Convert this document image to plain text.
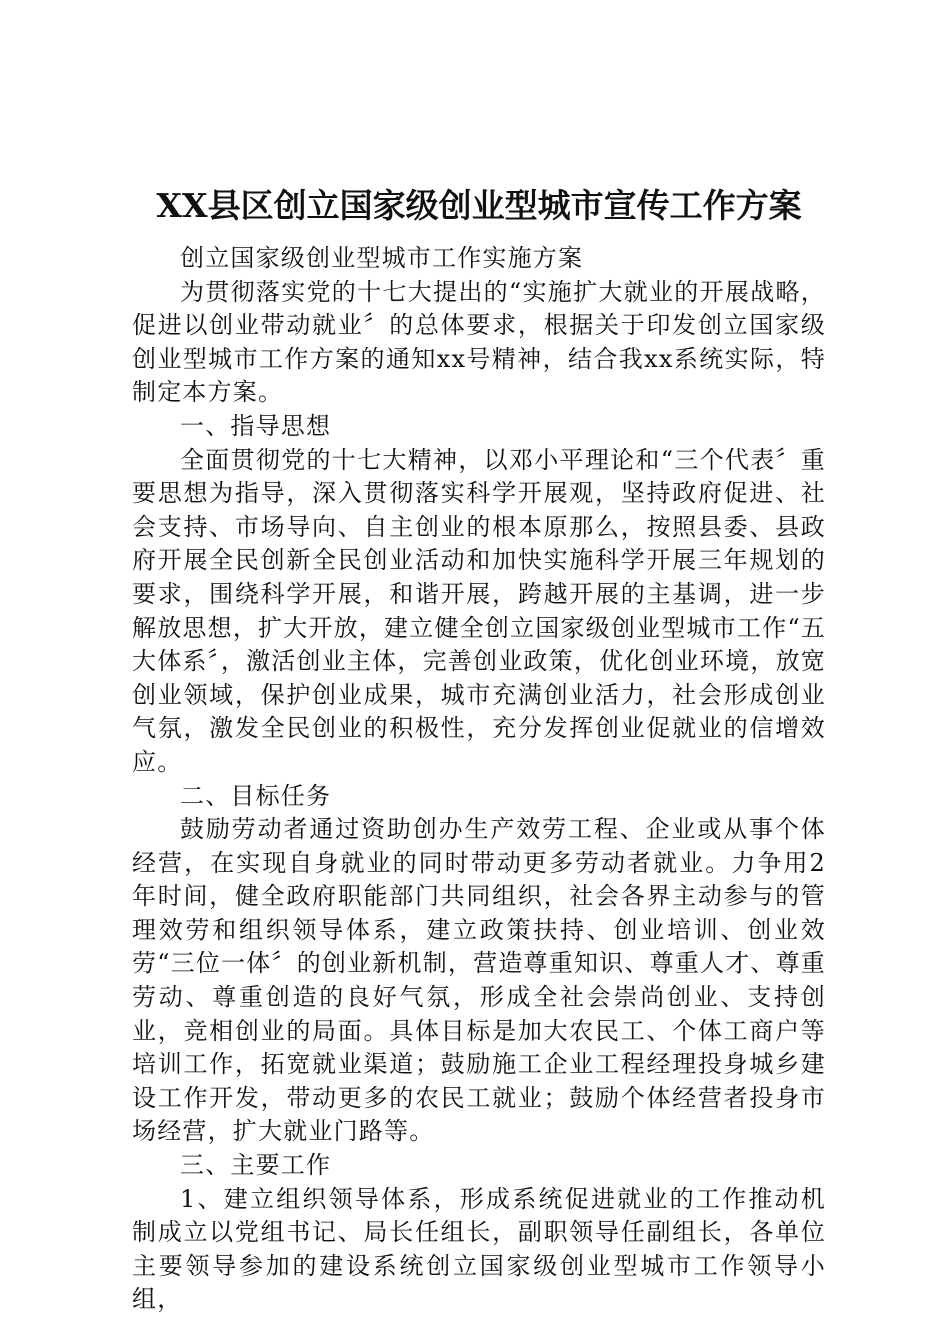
XX县区创立国家级创业型城市宣传工作方案

创立国家级创业型城市工作实施方案

为贯彻落实党的十七大提出的“实施扩大就业的开展战略，促进以创业带动就业〞的总体要求，根据关于印发创立国家级创业型城市工作方案的通知xx号精神，结合我xx系统实际，特制定本方案。

一、指导思想

全面贯彻党的十七大精神，以邓小平理论和“三个代表〞重要思想为指导，深入贯彻落实科学开展观，坚持政府促进、社会支持、市场导向、自主创业的根本原那么，按照县委、县政府开展全民创新全民创业活动和加快实施科学开展三年规划的要求，围绕科学开展，和谐开展，跨越开展的主基调，进一步解放思想，扩大开放，建立健全创立国家级创业型城市工作“五大体系〞，激活创业主体，完善创业政策，优化创业环境，放宽创业领域，保护创业成果，城市充满创业活力，社会形成创业气氛，激发全民创业的积极性，充分发挥创业促就业的信增效应。

二、目标任务

鼓励劳动者通过资助创办生产效劳工程、企业或从事个体经营，在实现自身就业的同时带动更多劳动者就业。力争用2年时间，健全政府职能部门共同组织，社会各界主动参与的管理效劳和组织领导体系，建立政策扶持、创业培训、创业效劳“三位一体〞的创业新机制，营造尊重知识、尊重人才、尊重劳动、尊重创造的良好气氛，形成全社会崇尚创业、支持创业，竞相创业的局面。具体目标是加大农民工、个体工商户等培训工作，拓宽就业渠道；鼓励施工企业工程经理投身城乡建设工作开发，带动更多的农民工就业；鼓励个体经营者投身市场经营，扩大就业门路等。

三、主要工作

1、建立组织领导体系，形成系统促进就业的工作推动机制成立以党组书记、局长任组长，副职领导任副组长，各单位主要领导参加的建设系统创立国家级创业型城市工作领导小组，
